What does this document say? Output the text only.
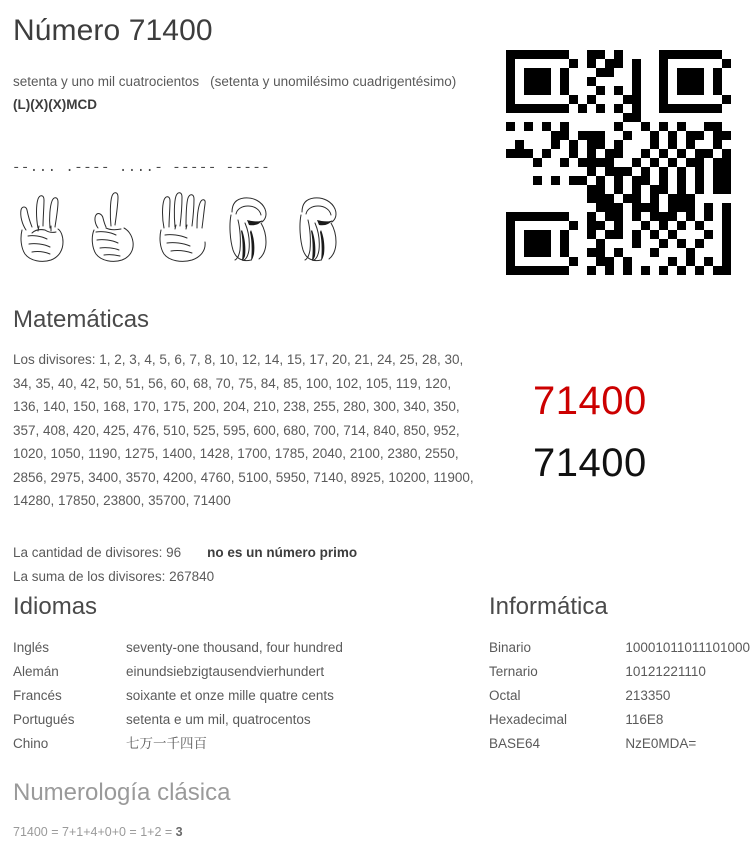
Número 71400
setenta y uno mil cuatrocientos (setenta y unomilésimo cuadrigentésimo)(L)(X)(X)MCD
--... .---- ....- ----- -----
71400
71400
Matemáticas
Los divisores: 1, 2, 3, 4, 5, 6, 7, 8, 10, 12, 14, 15, 17, 20, 21, 24, 25, 28, 30, 34, 35, 40, 42, 50, 51, 56, 60, 68, 70, 75, 84, 85, 100, 102, 105, 119, 120, 136, 140, 150, 168, 170, 175, 200, 204, 210, 238, 255, 280, 300, 340, 350, 357, 408, 420, 425, 476, 510, 525, 595, 600, 680, 700, 714, 840, 850, 952, 1020, 1050, 1190, 1275, 1400, 1428, 1700, 1785, 2040, 2100, 2380, 2550, 2856, 2975, 3400, 3570, 4200, 4760, 5100, 5950, 7140, 8925, 10200, 11900, 14280, 17850, 23800, 35700, 71400
La cantidad de divisores: 96 no es un número primo
La suma de los divisores: 267840
Idiomas
Inglés	seventy-one thousand, four hundred
Alemán	einundsiebzigtausendvierhundert
Francés	soixante et onze mille quatre cents
Portugués	setenta e um mil, quatrocentos
Chino	七万一千四百
Informática
Binario	10001011011101000
Ternario	10121221110
Octal	213350
Hexadecimal	116E8
BASE64	NzE0MDA=
Numerología clásica
71400 = 7+1+4+0+0 = 1+2 = 3
